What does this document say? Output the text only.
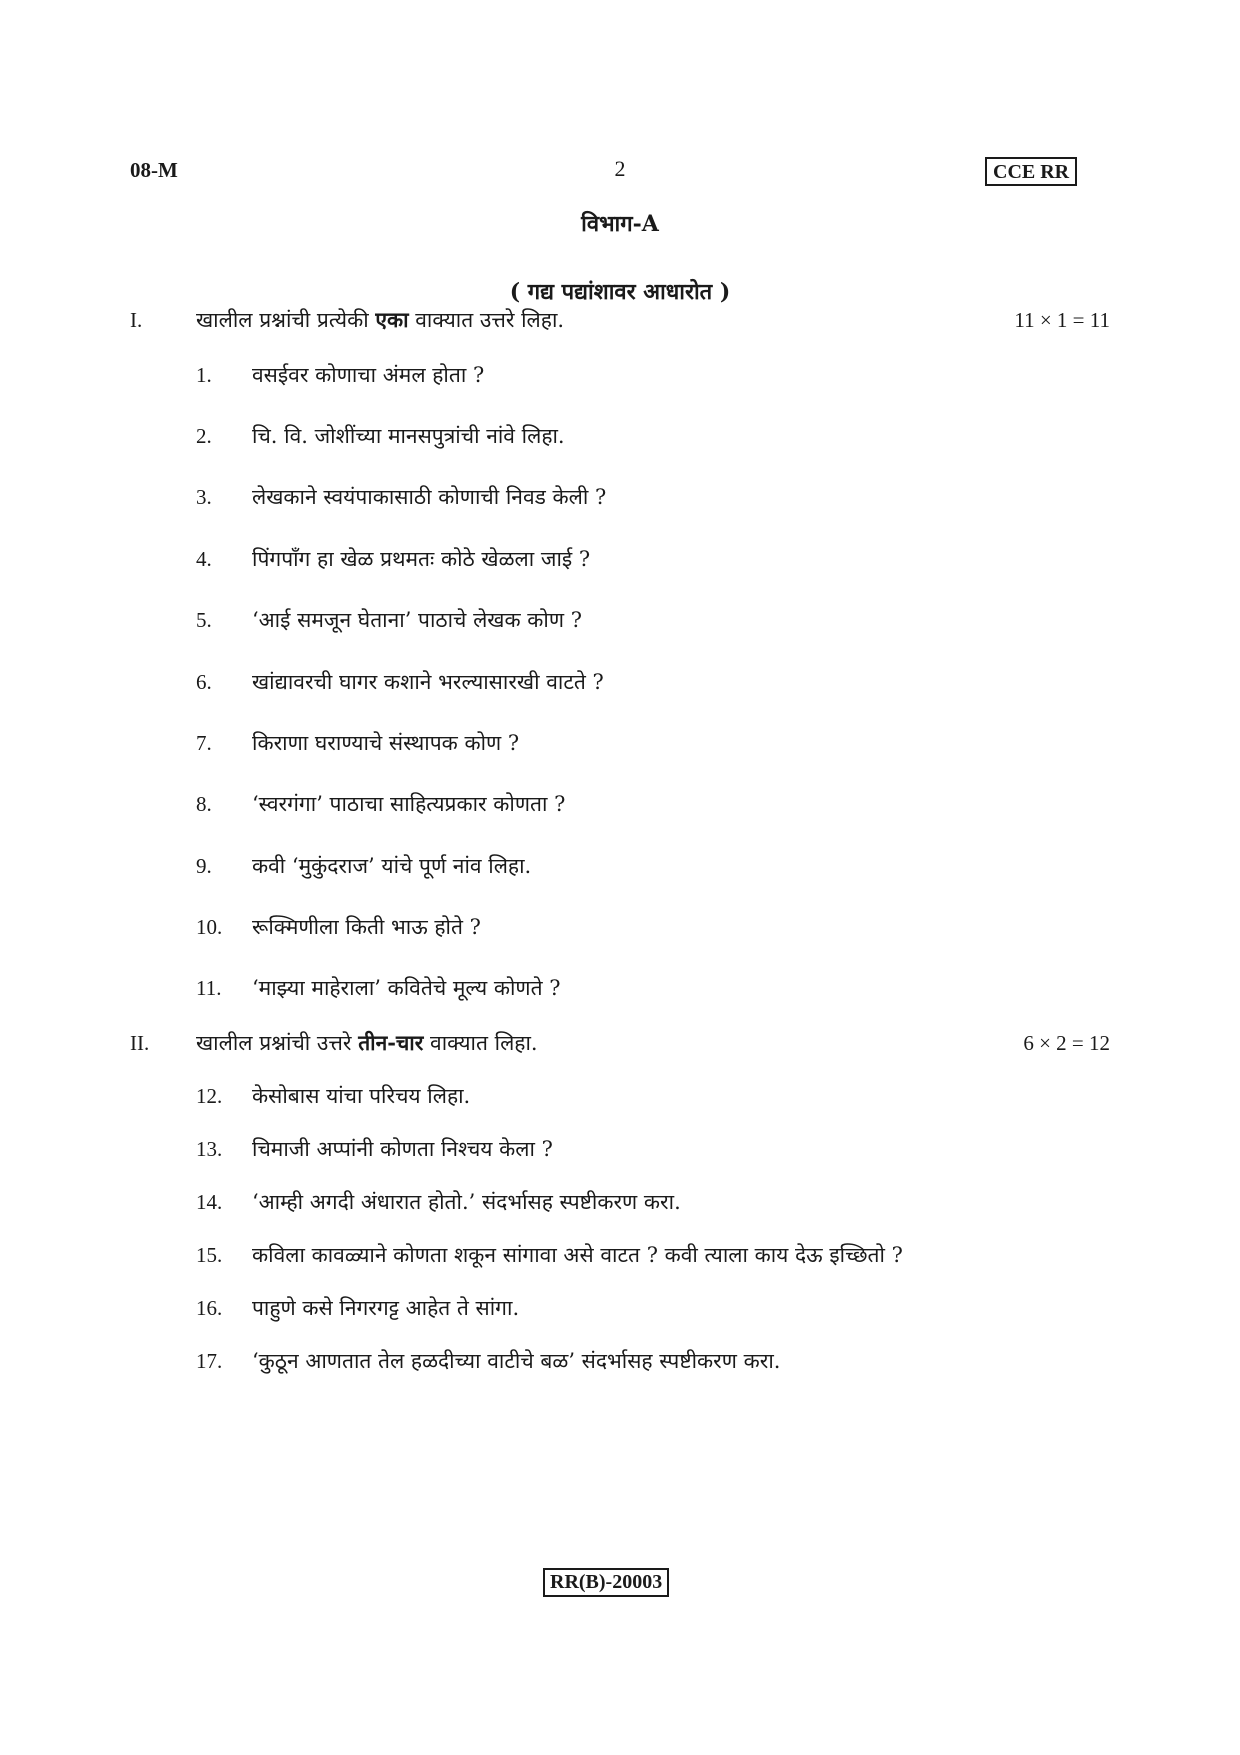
08-M	2	CCE RR
विभाग-A
( गद्य पद्यांशावर आधारोत )
I.	खालील प्रश्नांची प्रत्येकी एका वाक्यात उत्तरे लिहा.	11 × 1 = 11
1. वसईवर कोणाचा अंमल होता ?
2. चि. वि. जोशींच्या मानसपुत्रांची नांवे लिहा.
3. लेखकाने स्वयंपाकासाठी कोणाची निवड केली ?
4. पिंगपाँग हा खेळ प्रथमतः कोठे खेळला जाई ?
5. ‘आई समजून घेताना’ पाठाचे लेखक कोण ?
6. खांद्यावरची घागर कशाने भरल्यासारखी वाटते ?
7. किराणा घराण्याचे संस्थापक कोण ?
8. ‘स्वरगंगा’ पाठाचा साहित्यप्रकार कोणता ?
9. कवी ‘मुकुंदराज’ यांचे पूर्ण नांव लिहा.
10. रूक्मिणीला किती भाऊ होते ?
11. ‘माझ्या माहेराला’ कवितेचे मूल्य कोणते ?
II.	खालील प्रश्नांची उत्तरे तीन-चार वाक्यात लिहा.	6 × 2 = 12
12. केसोबास यांचा परिचय लिहा.
13. चिमाजी अप्पांनी कोणता निश्चय केला ?
14. ‘आम्ही अगदी अंधारात होतो.’ संदर्भासह स्पष्टीकरण करा.
15. कविला कावळ्याने कोणता शकून सांगावा असे वाटत ? कवी त्याला काय देऊ इच्छितो ?
16. पाहुणे कसे निगरगट्ट आहेत ते सांगा.
17. ‘कुठून आणतात तेल हळदीच्या वाटीचे बळ’ संदर्भासह स्पष्टीकरण करा.
RR(B)-20003
